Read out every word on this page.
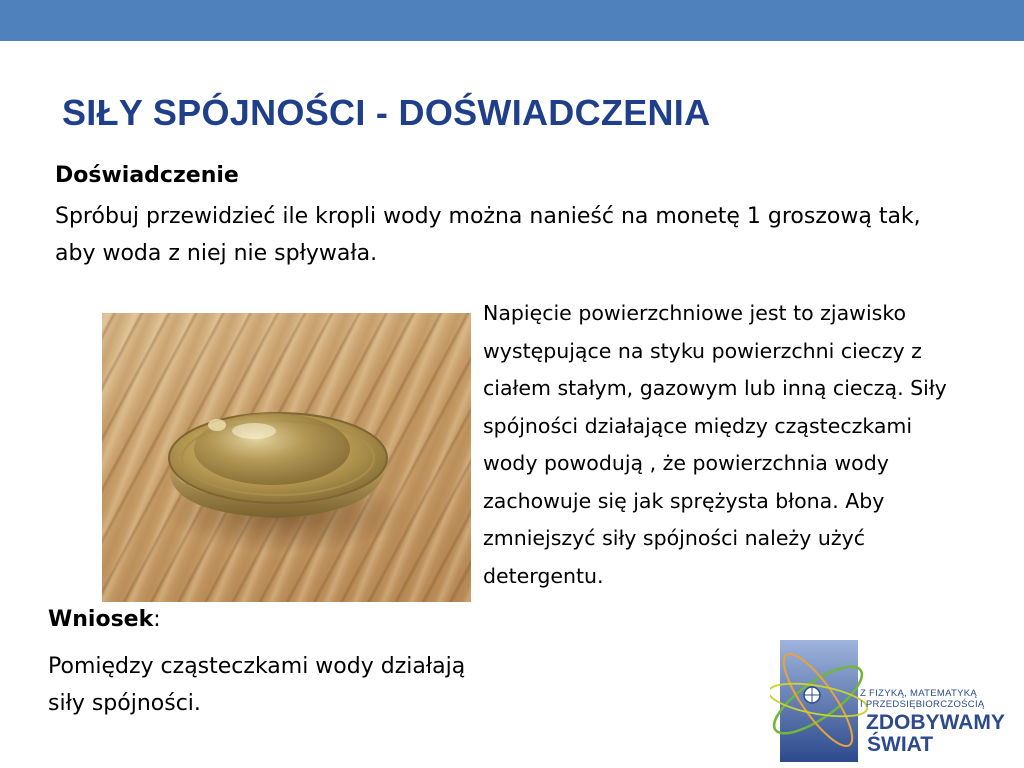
SIŁY SPÓJNOŚCI - DOŚWIADCZENIA
Doświadczenie
Spróbuj przewidzieć ile kropli wody można nanieść na monetę 1 groszową tak, aby woda z niej nie spływała.
Napięcie powierzchniowe jest to zjawisko występujące na styku powierzchni cieczy z ciałem stałym, gazowym lub inną cieczą. Siły spójności działające między cząsteczkami wody powodują , że powierzchnia wody zachowuje się jak sprężysta błona. Aby zmniejszyć siły spójności należy użyć detergentu.
Wniosek:
Pomiędzy cząsteczkami wody działają siły spójności.	Z FIZYKĄ, MATEMATYKĄ
I PRZEDSIĘBIORCZOŚCIĄ
ZDOBYWAMY
ŚWIAT
